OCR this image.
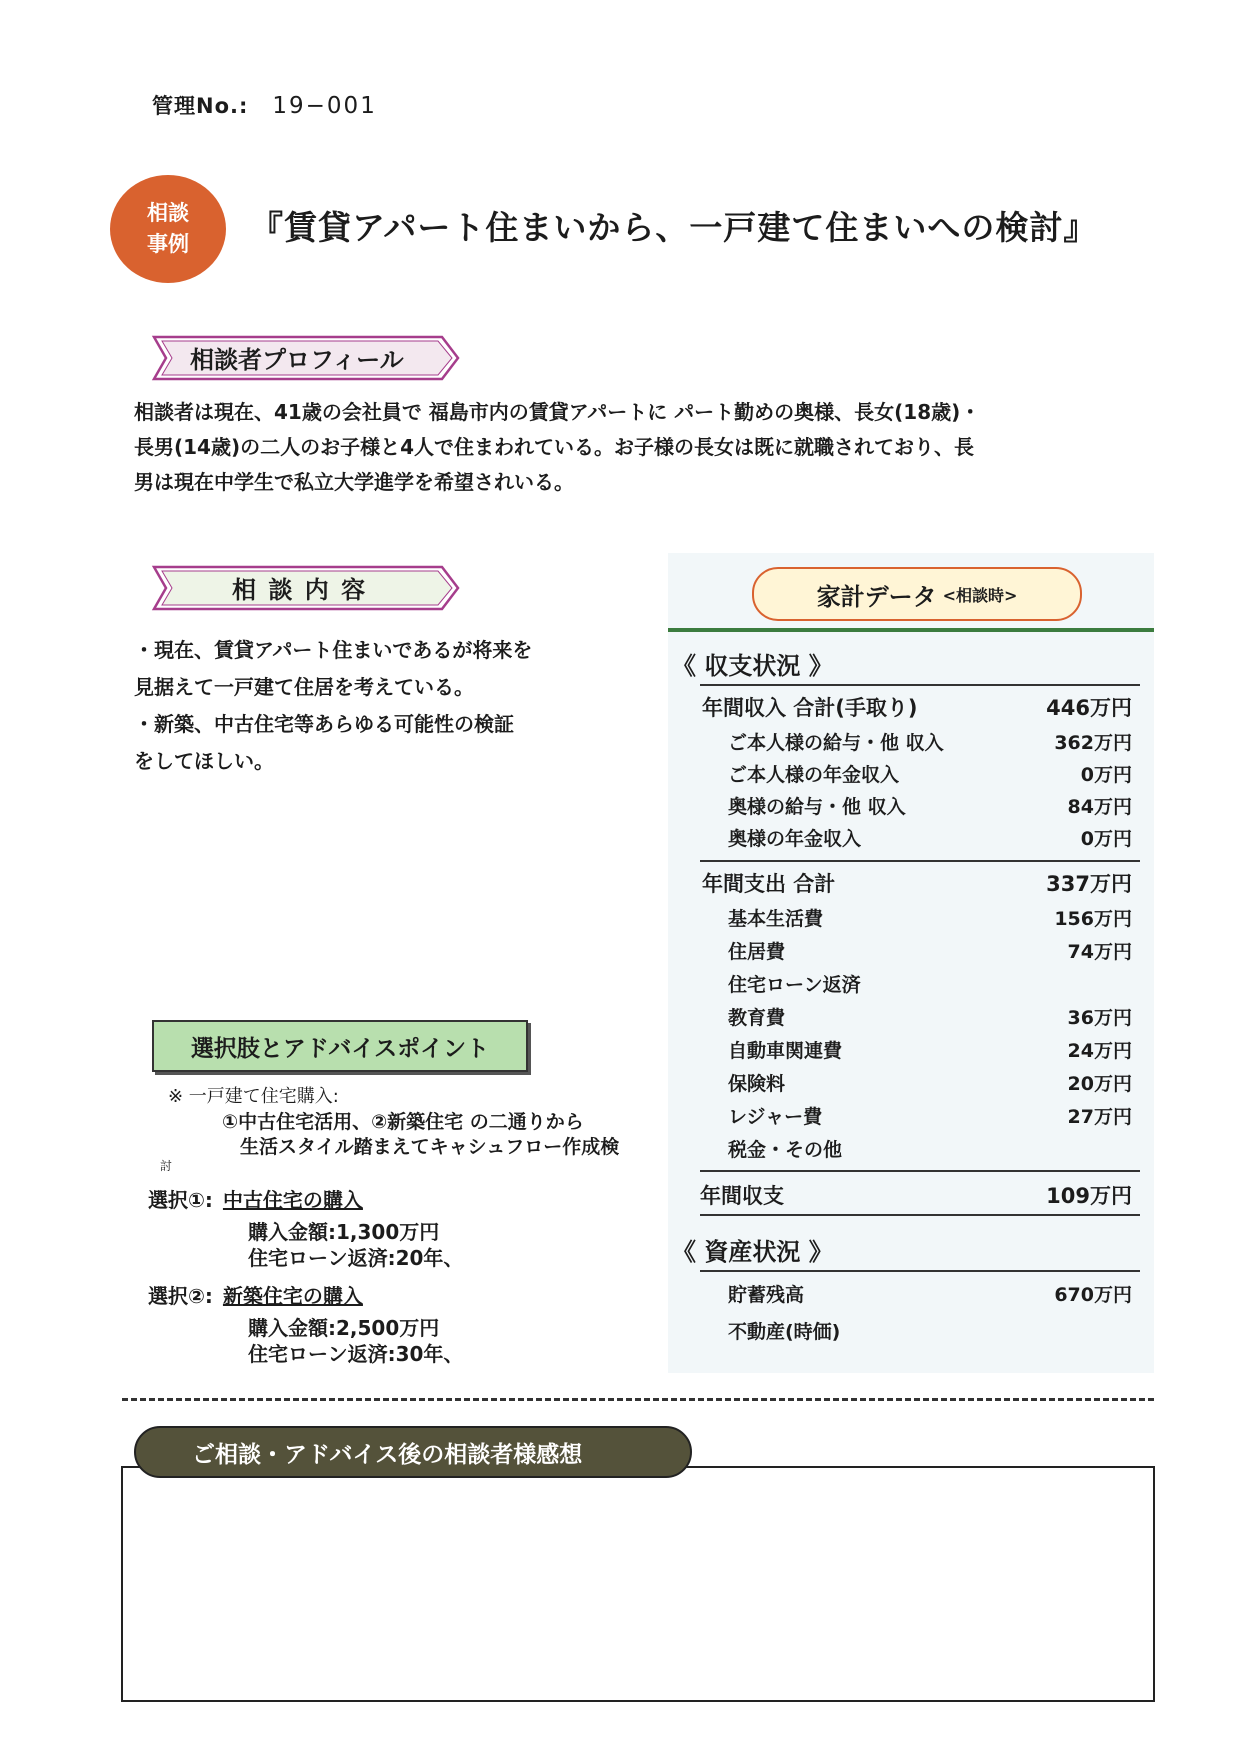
管理No.: 19−001
相談
事例 『賃貸アパート住まいから、一戸建て住まいへの検討』
相談者プロフィール
相談者は現在、41歳の会社員で 福島市内の賃貸アパートに パート勤めの奥様、長女(18歳)・
長男(14歳)の二人のお子様と4人で住まわれている。お子様の長女は既に就職されており、長
男は現在中学生で私立大学進学を希望されいる。
相 談 内 容
・現在、賃貸アパート住まいであるが将来を
見据えて一戸建て住居を考えている。
・新築、中古住宅等あらゆる可能性の検証
をしてほしい。
選択肢とアドバイスポイント
※ 一戸建て住宅購入:
①中古住宅活用、②新築住宅 の二通りから
生活スタイル踏まえてキャシュフロー作成検
討
選択①: 中古住宅の購入
購入金額:1,300万円
住宅ローン返済:20年、
選択②: 新築住宅の購入
購入金額:2,500万円
住宅ローン返済:30年、
家計データ <相談時>
《 収支状況 》
年間収入 合計(手取り)	446万円
ご本人様の給与・他 収入	362万円
ご本人様の年金収入	0万円
奥様の給与・他 収入	84万円
奥様の年金収入	0万円
年間支出 合計	337万円
基本生活費	156万円
住居費	74万円
住宅ローン返済
教育費	36万円
自動車関連費	24万円
保険料	20万円
レジャー費	27万円
税金・その他
年間収支	109万円
《 資産状況 》
貯蓄残高	670万円
不動産(時価)
ご相談・アドバイス後の相談者様感想
